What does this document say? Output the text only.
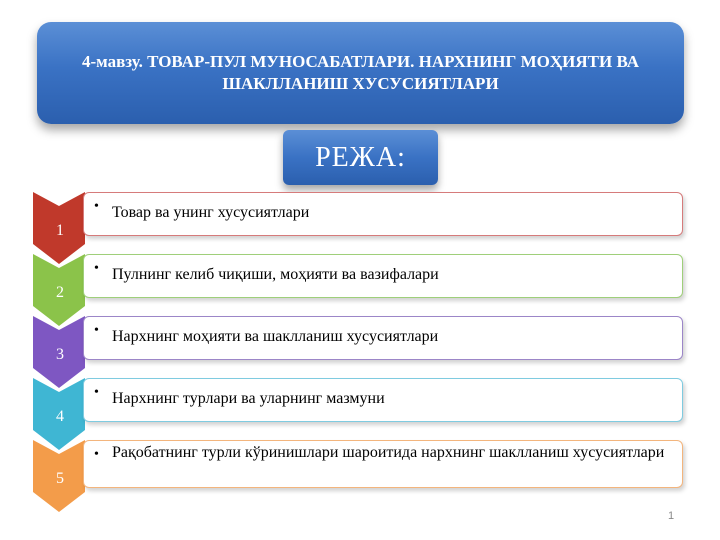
4-мавзу. ТОВАР-ПУЛ МУНОСАБАТЛАРИ. НАРХНИНГ МОҲИЯТИ ВА ШАКЛЛАНИШ ХУСУСИЯТЛАРИ
РЕЖА:
1
• Товар ва унинг хусусиятлари
2
• Пулнинг келиб чиқиши, моҳияти ва вазифалари
3
• Нархнинг моҳияти ва шаклланиш хусусиятлари
4
• Нархнинг турлари ва уларнинг мазмуни
5
• Рақобатнинг турли кўринишлари шароитида нархнинг шаклланиш хусусиятлари
1
